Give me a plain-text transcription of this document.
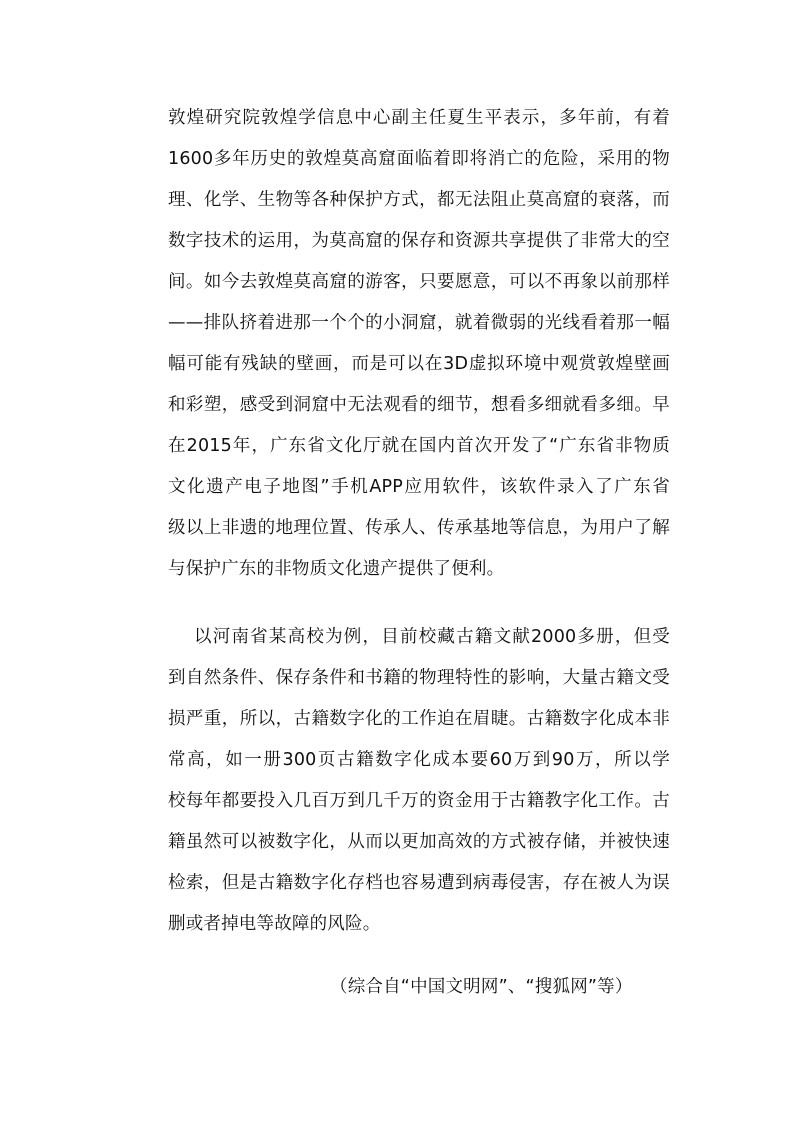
敦煌研究院敦煌学信息中心副主任夏生平表示，多年前，有着
1600多年历史的敦煌莫高窟面临着即将消亡的危险，采用的物
理、化学、生物等各种保护方式，都无法阻止莫高窟的衰落，而
数字技术的运用，为莫高窟的保存和资源共享提供了非常大的空
间。如今去敦煌莫高窟的游客，只要愿意，可以不再象以前那样
——排队挤着进那一个个的小洞窟，就着微弱的光线看着那一幅
幅可能有残缺的壁画，而是可以在3D虚拟环境中观赏敦煌壁画
和彩塑，感受到洞窟中无法观看的细节，想看多细就看多细。早
在2015年，广东省文化厅就在国内首次开发了“广东省非物质
文化遗产电子地图”手机APP应用软件，该软件录入了广东省
级以上非遗的地理位置、传承人、传承基地等信息，为用户了解
与保护广东的非物质文化遗产提供了便利。
以河南省某高校为例，目前校藏古籍文献2000多册，但受
到自然条件、保存条件和书籍的物理特性的影响，大量古籍文受
损严重，所以，古籍数字化的工作迫在眉睫。古籍数字化成本非
常高，如一册300页古籍数字化成本要60万到90万，所以学
校每年都要投入几百万到几千万的资金用于古籍教字化工作。古
籍虽然可以被数字化，从而以更加高效的方式被存储，并被快速
检索，但是古籍数字化存档也容易遭到病毒侵害，存在被人为误
删或者掉电等故障的风险。
（综合自“中国文明网”、“搜狐网”等）
